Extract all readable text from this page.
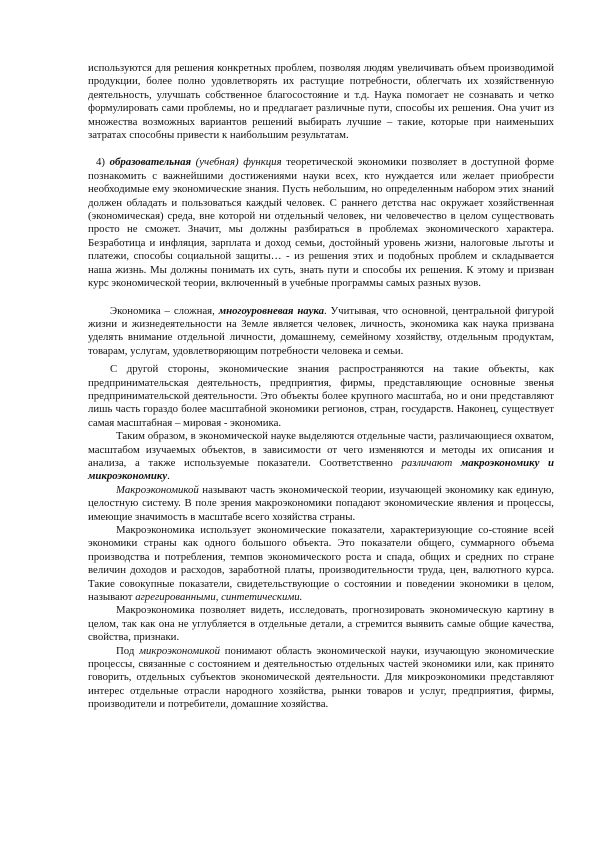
используются для решения конкретных проблем, позволяя людям увеличивать объем производимой продукции, более полно удовлетворять их растущие потребности, облегчать их хозяйственную деятельность, улучшать собственное благосостояние и т.д. Наука помогает не сознавать и четко формулировать сами проблемы, но и предлагает различные пути, способы их решения. Она учит из множества возможных вариантов решений выбирать лучшие – такие, которые при наименьших затратах способны привести к наибольшим результатам.

4) образовательная (учебная) функция теоретической экономики позволяет в доступной форме познакомить с важнейшими достижениями науки всех, кто нуждается или желает приобрести необходимые ему экономические знания. Пусть небольшим, но определенным набором этих знаний должен обладать и пользоваться каждый человек. С раннего детства нас окружает хозяйственная (экономическая) среда, вне которой ни отдельный человек, ни человечество в целом существовать просто не сможет. Значит, мы должны разбираться в проблемах экономического характера. Безработица и инфляция, зарплата и доход семьи, достойный уровень жизни, налоговые льготы и платежи, способы социальной защиты… - из решения этих и подобных проблем и складывается наша жизнь. Мы должны понимать их суть, знать пути и способы их решения. К этому и призван курс экономической теории, включенный в учебные программы самых разных вузов.

Экономика – сложная, многоуровневая наука. Учитывая, что основной, центральной фигурой жизни и жизнедеятельности на Земле является человек, личность, экономика как наука призвана уделять внимание отдельной личности, домашнему, семейному хозяйству, отдельным продуктам, товарам, услугам, удовлетворяющим потребности человека и семьи.

С другой стороны, экономические знания распространяются на такие объекты, как предпринимательская деятельность, предприятия, фирмы, представляющие основные звенья предпринимательской деятельности. Это объекты более крупного масштаба, но и они представляют лишь часть гораздо более масштабной экономики регионов, стран, государств. Наконец, существует самая масштабная – мировая - экономика.

Таким образом, в экономической науке выделяются отдельные части, различающиеся охватом, масштабом изучаемых объектов, в зависимости от чего изменяются и методы их описания и анализа, а также используемые показатели. Соответственно различают макроэкономику и микроэкономику.

Макроэкономикой называют часть экономической теории, изучающей экономику как единую, целостную систему. В поле зрения макроэкономики попадают экономические явления и процессы, имеющие значимость в масштабе всего хозяйства страны.

Макроэкономика использует экономические показатели, характеризующие со-стояние всей экономики страны как одного большого объекта. Это показатели общего, суммарного объема производства и потребления, темпов экономического роста и спада, общих и средних по стране величин доходов и расходов, заработной платы, производительности труда, цен, валютного курса. Такие совокупные показатели, свидетельствующие о состоянии и поведении экономики в целом, называют агрегированными, синтетическими.

Макроэкономика позволяет видеть, исследовать, прогнозировать экономическую картину в целом, так как она не углубляется в отдельные детали, а стремится выявить самые общие качества, свойства, признаки.

Под микроэкономикой понимают область экономической науки, изучающую экономические процессы, связанные с состоянием и деятельностью отдельных частей экономики или, как принято говорить, отдельных субъектов экономической деятельности. Для микроэкономики представляют интерес отдельные отрасли народного хозяйства, рынки товаров и услуг, предприятия, фирмы, производители и потребители, домашние хозяйства.
